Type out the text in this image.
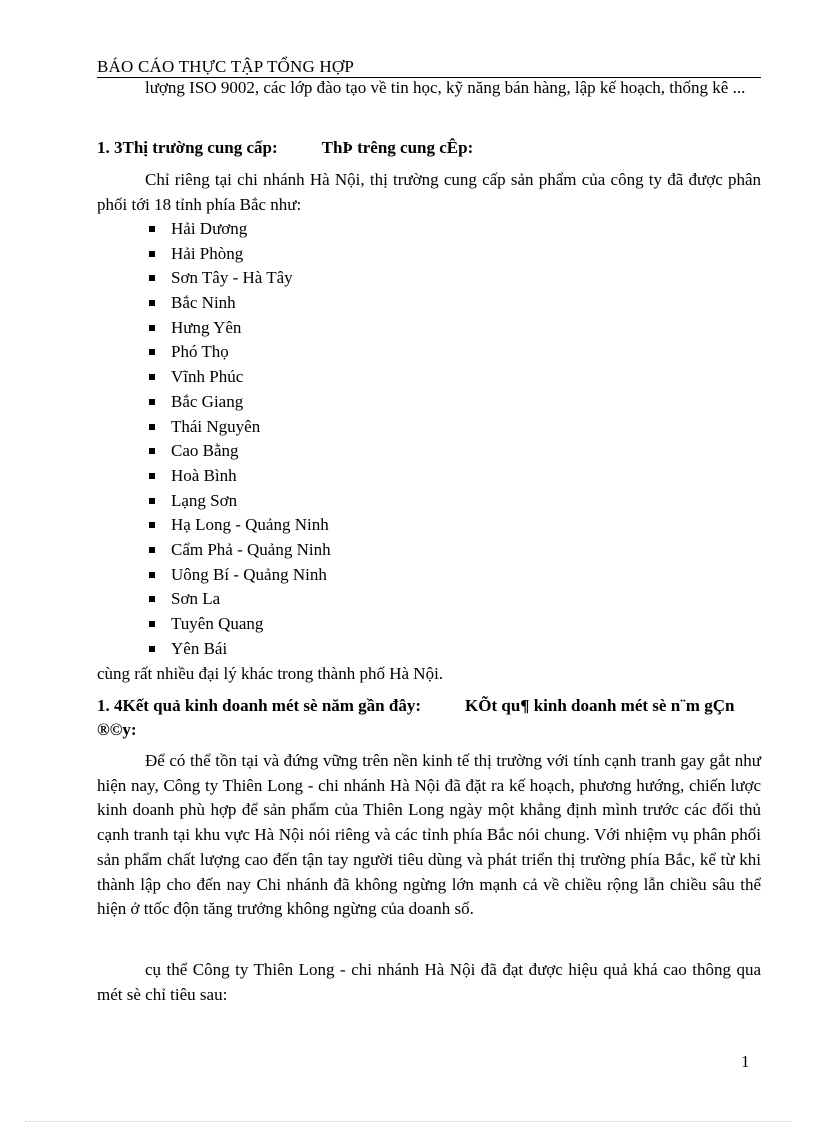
BÁO CÁO THỰC TẬP TỔNG HỢP

lượng ISO 9002, các lớp đào tạo về tin học, kỹ năng bán hàng, lập kế hoạch, thống kê ...

1. 3Thị trường cung cấp:	ThÞ trêng cung cÊp:

Chỉ riêng tại chi nhánh Hà Nội, thị trường cung cấp sản phẩm của công ty đã được phân phối tới 18 tỉnh phía Bắc như:

Hải Dương
Hải Phòng
Sơn Tây - Hà Tây
Bắc Ninh
Hưng Yên
Phó Thọ
Vĩnh Phúc
Bắc Giang
Thái Nguyên
Cao Bằng
Hoà Bình
Lạng Sơn
Hạ Long - Quảng Ninh
Cẩm Phả - Quảng Ninh
Uông Bí - Quảng Ninh
Sơn La
Tuyên Quang
Yên Bái

cùng rất nhiều đại lý khác trong thành phố Hà Nội.

1. 4Kết quả kinh doanh mét sè năm gần đây:	KÕt qu¶ kinh doanh mét sè n¨m gÇn ®©y:

Để có thể tồn tại và đứng vững trên nền kinh tế thị trường với tính cạnh tranh gay gắt như hiện nay, Công ty Thiên Long - chi nhánh Hà Nội đã đặt ra kế hoạch, phương hướng, chiến lược kinh doanh phù hợp để sản phẩm của Thiên Long ngày một khẳng định mình trước các đối thủ cạnh tranh tại khu vực Hà Nội nói riêng và các tỉnh phía Bắc nói chung. Với nhiệm vụ phân phối sản phẩm chất lượng cao đến tận tay người tiêu dùng và phát triển thị trường phía Bắc, kể từ khi thành lập cho đến nay Chi nhánh đã không ngừng lớn mạnh cả về chiều rộng lẫn chiều sâu thể hiện ở ttốc độn tăng trưởng không ngừng của doanh số.

cụ thể Công ty Thiên Long - chi nhánh Hà Nội đã đạt được hiệu quả khá cao thông qua mét sè chỉ tiêu sau:

1
